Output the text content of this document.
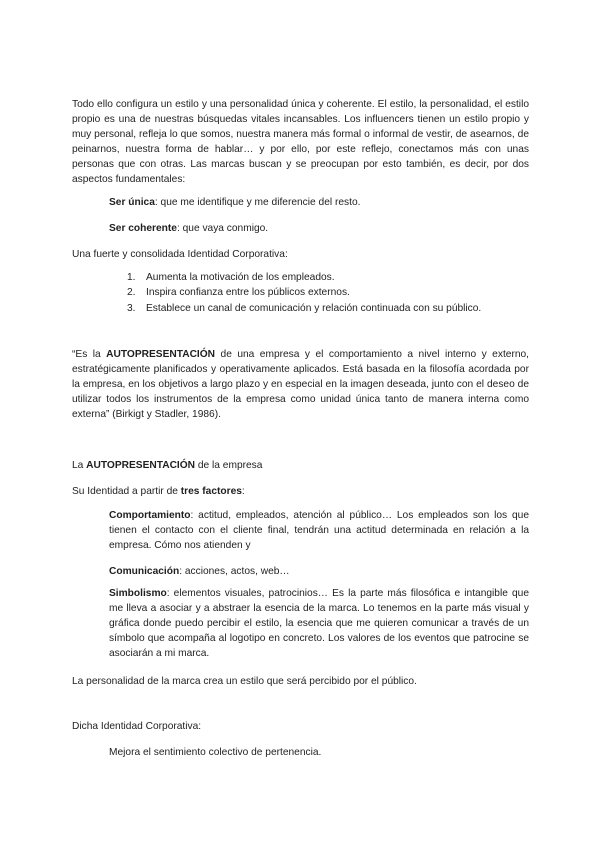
Todo ello configura un estilo y una personalidad única y coherente. El estilo, la personalidad, el estilo propio es una de nuestras búsquedas vitales incansables. Los influencers tienen un estilo propio y muy personal, refleja lo que somos, nuestra manera más formal o informal de vestir, de asearnos, de peinarnos, nuestra forma de hablar… y por ello, por este reflejo, conectamos más con unas personas que con otras. Las marcas buscan y se preocupan por esto también, es decir, por dos aspectos fundamentales:

Ser única: que me identifique y me diferencie del resto.

Ser coherente: que vaya conmigo.

Una fuerte y consolidada Identidad Corporativa:

1. Aumenta la motivación de los empleados.
2. Inspira confianza entre los públicos externos.
3. Establece un canal de comunicación y relación continuada con su público.

“Es la AUTOPRESENTACIÓN de una empresa y el comportamiento a nivel interno y externo, estratégicamente planificados y operativamente aplicados. Está basada en la filosofía acordada por la empresa, en los objetivos a largo plazo y en especial en la imagen deseada, junto con el deseo de utilizar todos los instrumentos de la empresa como unidad única tanto de manera interna como externa” (Birkigt y Stadler, 1986).

La AUTOPRESENTACIÓN de la empresa

Su Identidad a partir de tres factores:

Comportamiento: actitud, empleados, atención al público… Los empleados son los que tienen el contacto con el cliente final, tendrán una actitud determinada en relación a la empresa. Cómo nos atienden y

Comunicación: acciones, actos, web…

Simbolismo: elementos visuales, patrocinios… Es la parte más filosófica e intangible que me lleva a asociar y a abstraer la esencia de la marca. Lo tenemos en la parte más visual y gráfica donde puedo percibir el estilo, la esencia que me quieren comunicar a través de un símbolo que acompaña al logotipo en concreto. Los valores de los eventos que patrocine se asociarán a mi marca.

La personalidad de la marca crea un estilo que será percibido por el público.

Dicha Identidad Corporativa:

Mejora el sentimiento colectivo de pertenencia.
